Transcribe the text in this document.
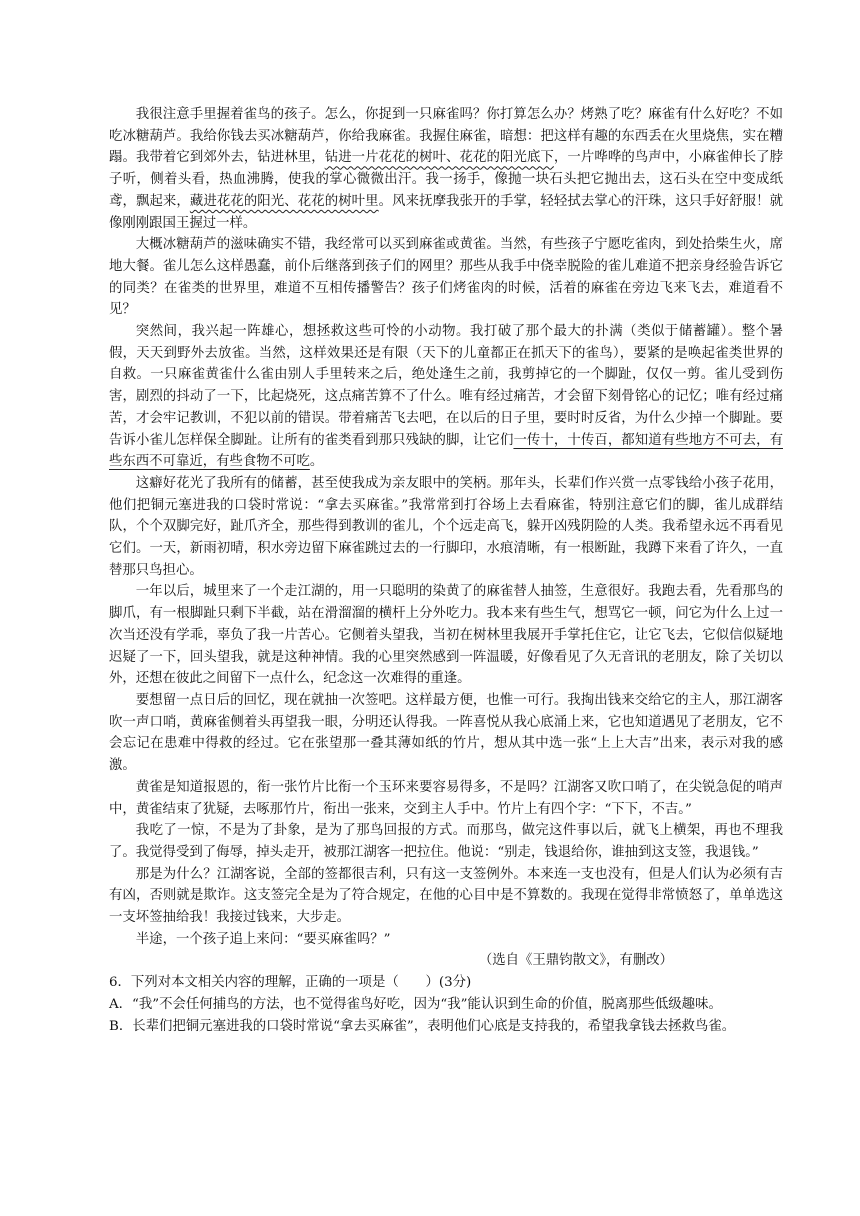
我很注意手里握着雀鸟的孩子。怎么，你捉到一只麻雀吗？你打算怎么办？烤熟了吃？麻雀有什么好吃？不如吃冰糖葫芦。我给你钱去买冰糖葫芦，你给我麻雀。我握住麻雀，暗想：把这样有趣的东西丢在火里烧焦，实在糟蹋。我带着它到郊外去，钻进林里，钻进一片花花的树叶、花花的阳光底下，一片哗哗的鸟声中，小麻雀伸长了脖子听，侧着头看，热血沸腾，使我的掌心微微出汗。我一扬手，像抛一块石头把它抛出去，这石头在空中变成纸鸢，飘起来，藏进花花的阳光、花花的树叶里。风来抚摩我张开的手掌，轻轻拭去掌心的汗珠，这只手好舒服！就像刚刚跟国王握过一样。

大概冰糖葫芦的滋味确实不错，我经常可以买到麻雀或黄雀。当然，有些孩子宁愿吃雀肉，到处拾柴生火，席地大餐。雀儿怎么这样愚蠢，前仆后继落到孩子们的网里？那些从我手中侥幸脱险的雀儿难道不把亲身经验告诉它的同类？在雀类的世界里，难道不互相传播警告？孩子们烤雀肉的时候，活着的麻雀在旁边飞来飞去，难道看不见？

突然间，我兴起一阵雄心，想拯救这些可怜的小动物。我打破了那个最大的扑满（类似于储蓄罐）。整个暑假，天天到野外去放雀。当然，这样效果还是有限（天下的儿童都正在抓天下的雀鸟），要紧的是唤起雀类世界的自救。一只麻雀黄雀什么雀由别人手里转来之后，绝处逢生之前，我剪掉它的一个脚趾，仅仅一剪。雀儿受到伤害，剧烈的抖动了一下，比起烧死，这点痛苦算不了什么。唯有经过痛苦，才会留下刻骨铭心的记忆；唯有经过痛苦，才会牢记教训，不犯以前的错误。带着痛苦飞去吧，在以后的日子里，要时时反省，为什么少掉一个脚趾。要告诉小雀儿怎样保全脚趾。让所有的雀类看到那只残缺的脚，让它们一传十，十传百，都知道有些地方不可去，有些东西不可靠近，有些食物不可吃。

这癖好花光了我所有的储蓄，甚至使我成为亲友眼中的笑柄。那年头，长辈们作兴赏一点零钱给小孩子花用，他们把铜元塞进我的口袋时常说：“拿去买麻雀。”我常常到打谷场上去看麻雀，特别注意它们的脚，雀儿成群结队，个个双脚完好，趾爪齐全，那些得到教训的雀儿，个个远走高飞，躲开凶残阴险的人类。我希望永远不再看见它们。一天，新雨初晴，积水旁边留下麻雀跳过去的一行脚印，水痕清晰，有一根断趾，我蹲下来看了许久，一直替那只鸟担心。

一年以后，城里来了一个走江湖的，用一只聪明的染黄了的麻雀替人抽签，生意很好。我跑去看，先看那鸟的脚爪，有一根脚趾只剩下半截，站在滑溜溜的横杆上分外吃力。我本来有些生气，想骂它一顿，问它为什么上过一次当还没有学乖，辜负了我一片苦心。它侧着头望我，当初在树林里我展开手掌托住它，让它飞去，它似信似疑地迟疑了一下，回头望我，就是这种神情。我的心里突然感到一阵温暖，好像看见了久无音讯的老朋友，除了关切以外，还想在彼此之间留下一点什么，纪念这一次难得的重逢。

要想留一点日后的回忆，现在就抽一次签吧。这样最方便，也惟一可行。我掏出钱来交给它的主人，那江湖客吹一声口哨，黄麻雀侧着头再望我一眼，分明还认得我。一阵喜悦从我心底涌上来，它也知道遇见了老朋友，它不会忘记在患难中得救的经过。它在张望那一叠其薄如纸的竹片，想从其中选一张“上上大吉”出来，表示对我的感激。

黄雀是知道报恩的，衔一张竹片比衔一个玉环来要容易得多，不是吗？江湖客又吹口哨了，在尖锐急促的哨声中，黄雀结束了犹疑，去啄那竹片，衔出一张来，交到主人手中。竹片上有四个字：“下下，不吉。”

我吃了一惊，不是为了卦象，是为了那鸟回报的方式。而那鸟，做完这件事以后，就飞上横架，再也不理我了。我觉得受到了侮辱，掉头走开，被那江湖客一把拉住。他说：“别走，钱退给你，谁抽到这支签，我退钱。”

那是为什么？江湖客说，全部的签都很吉利，只有这一支签例外。本来连一支也没有，但是人们认为必须有吉有凶，否则就是欺诈。这支签完全是为了符合规定，在他的心目中是不算数的。我现在觉得非常愤怒了，单单选这一支坏签抽给我！我接过钱来，大步走。

半途，一个孩子追上来问：“要买麻雀吗？”

（选自《王鼎钧散文》，有删改）

6．下列对本文相关内容的理解，正确的一项是（　　）(3分)

A．“我”不会任何捕鸟的方法，也不觉得雀鸟好吃，因为“我”能认识到生命的价值，脱离那些低级趣味。

B．长辈们把铜元塞进我的口袋时常说“拿去买麻雀”，表明他们心底是支持我的，希望我拿钱去拯救鸟雀。
